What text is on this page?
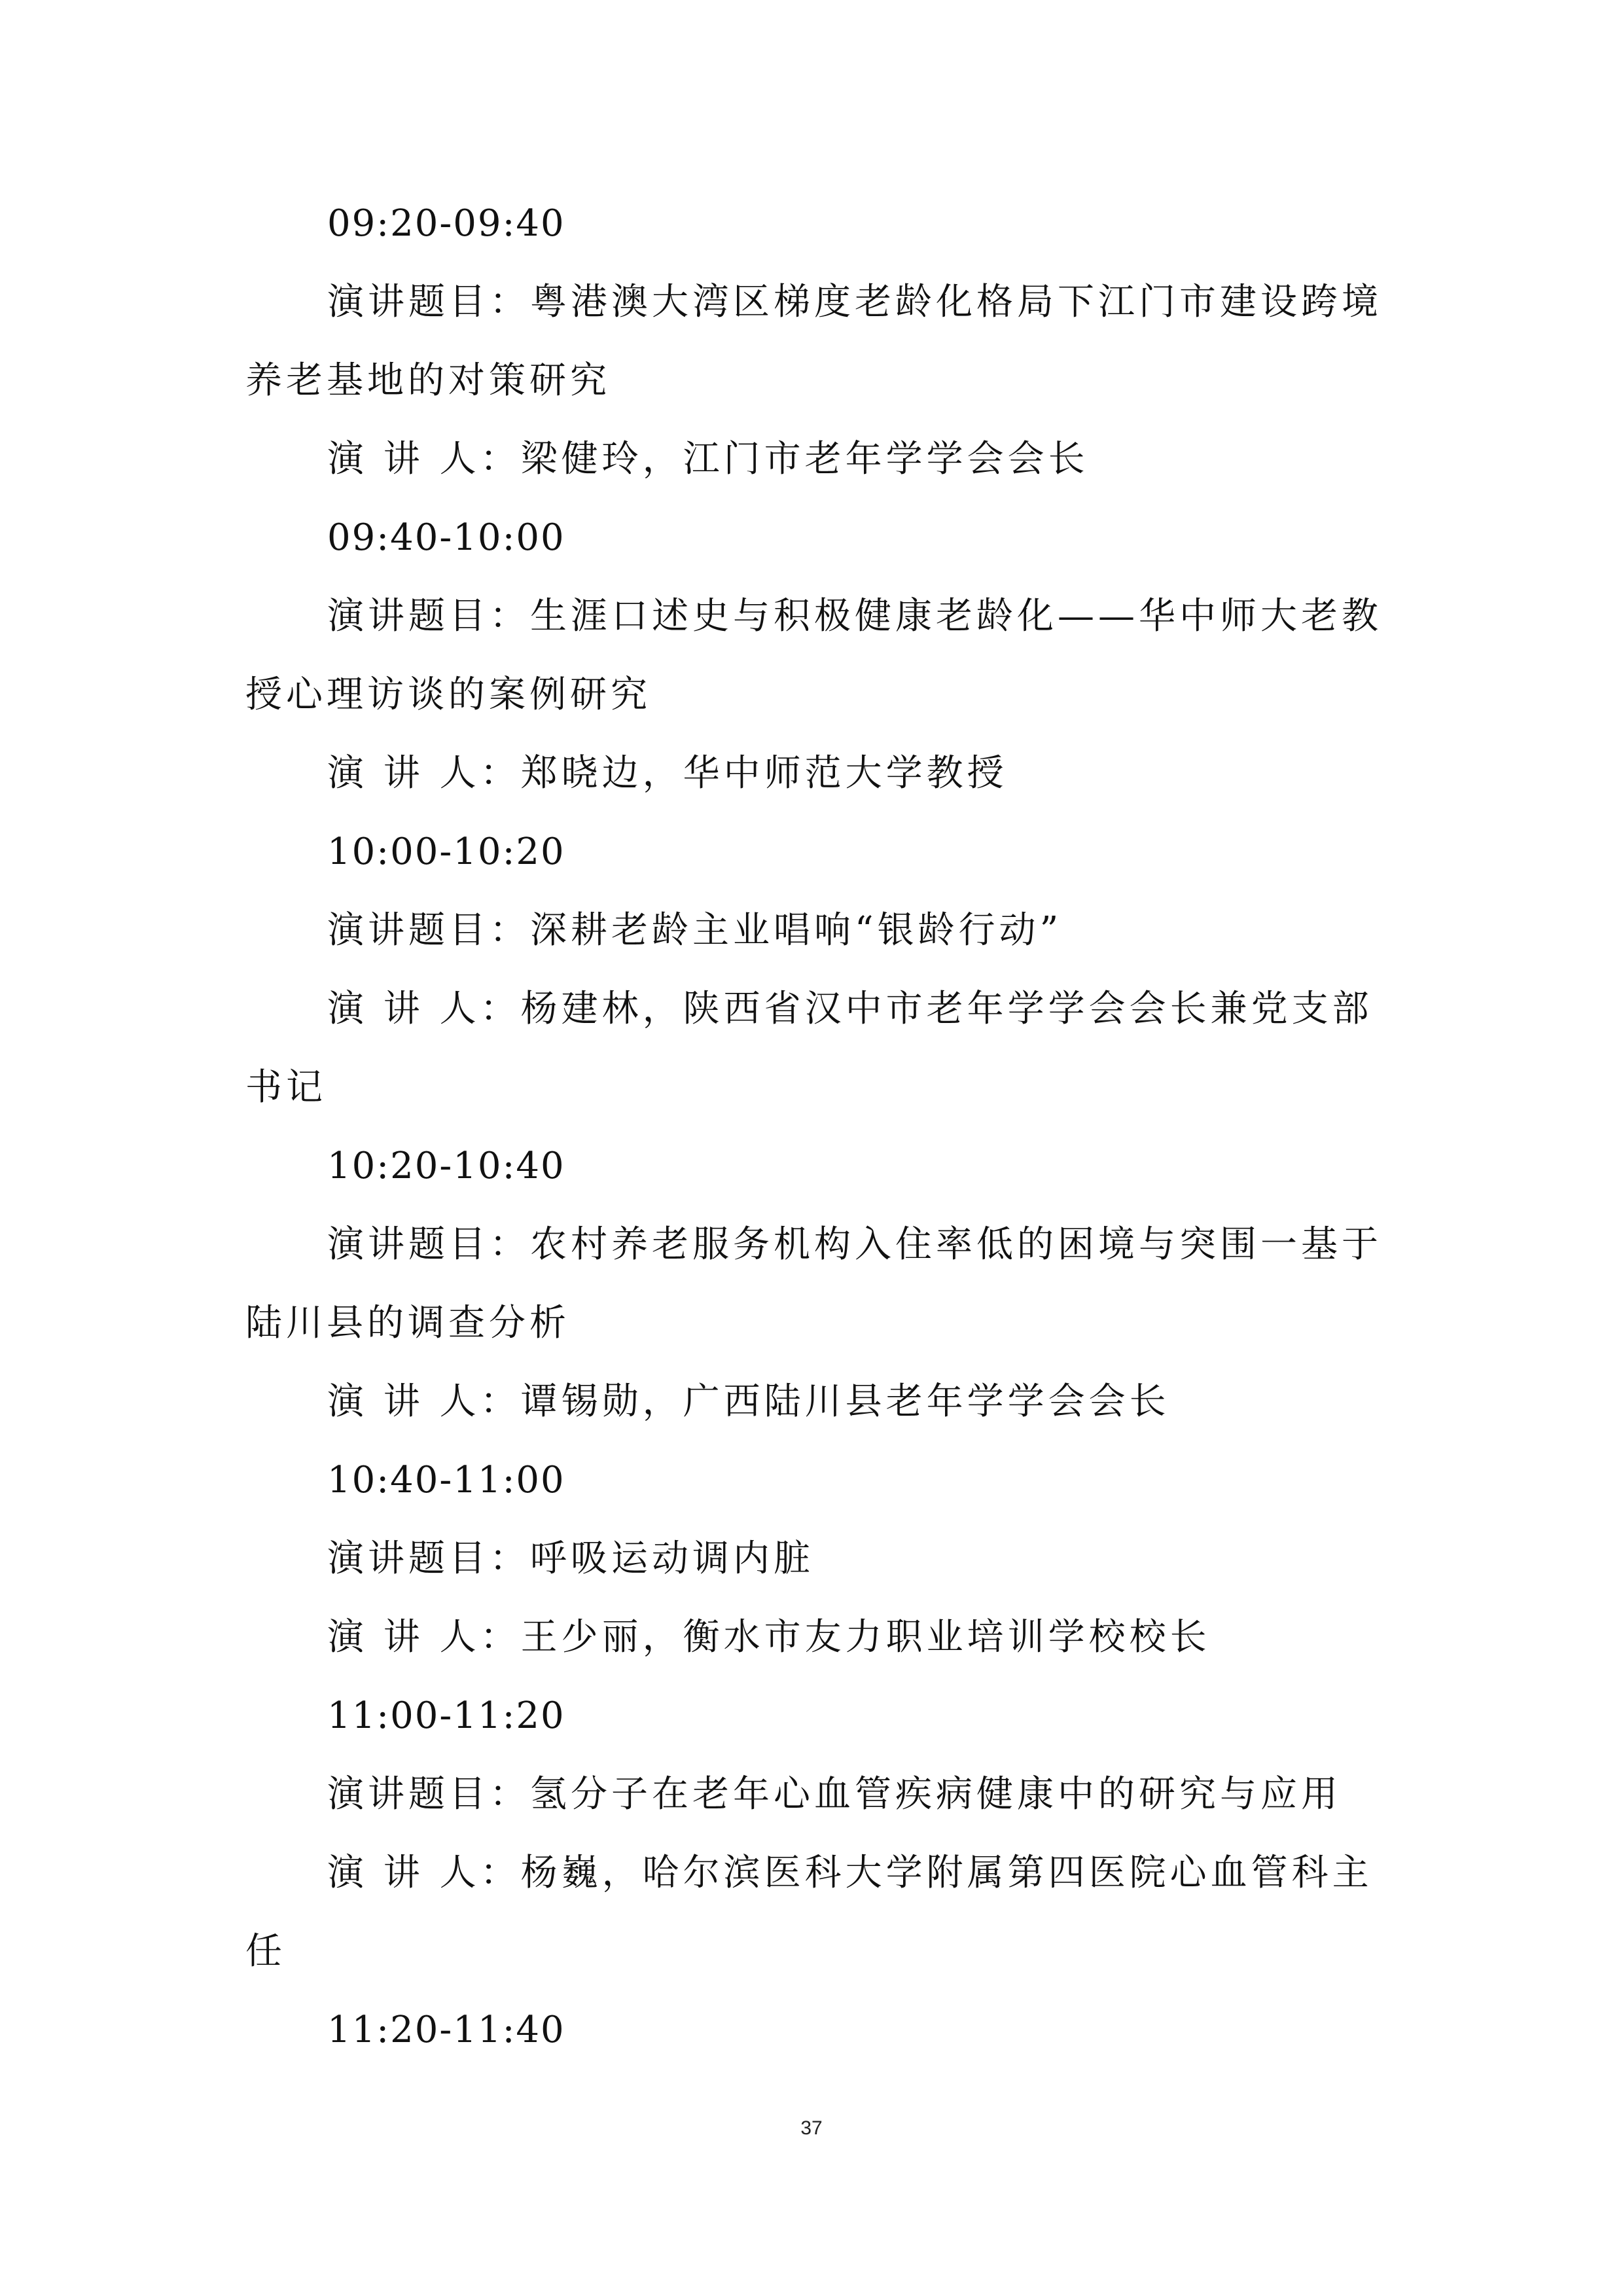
09:20-09:40
演讲题目：粤港澳大湾区梯度老龄化格局下江门市建设跨境
养老基地的对策研究
演 讲 人：梁健玲，江门市老年学学会会长
09:40-10:00
演讲题目：生涯口述史与积极健康老龄化——华中师大老教
授心理访谈的案例研究
演 讲 人：郑晓边，华中师范大学教授
10:00-10:20
演讲题目：深耕老龄主业唱响“银龄行动”
演 讲 人：杨建林，陕西省汉中市老年学学会会长兼党支部
书记
10:20-10:40
演讲题目：农村养老服务机构入住率低的困境与突围一基于
陆川县的调查分析
演 讲 人：谭锡勋，广西陆川县老年学学会会长
10:40-11:00
演讲题目：呼吸运动调内脏
演 讲 人：王少丽，衡水市友力职业培训学校校长
11:00-11:20
演讲题目：氢分子在老年心血管疾病健康中的研究与应用
演 讲 人：杨巍，哈尔滨医科大学附属第四医院心血管科主
任
11:20-11:40
37
